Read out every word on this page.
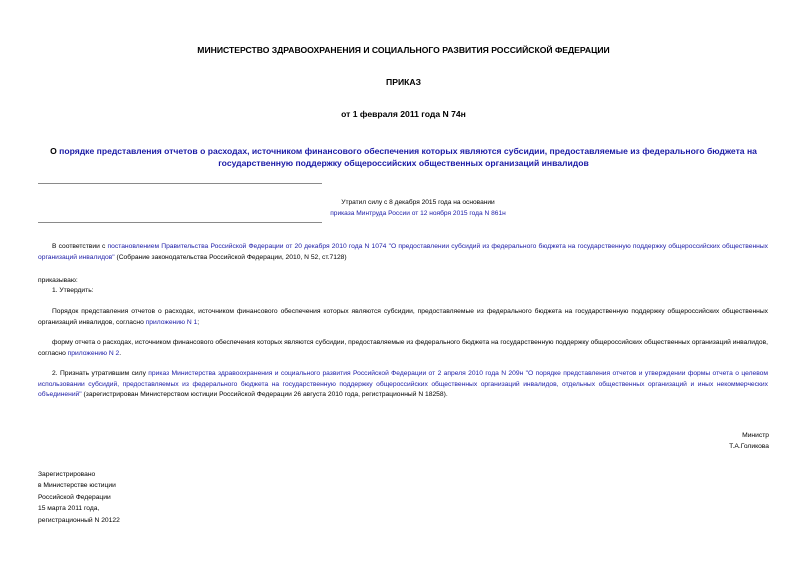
МИНИСТЕРСТВО ЗДРАВООХРАНЕНИЯ И СОЦИАЛЬНОГО РАЗВИТИЯ РОССИЙСКОЙ ФЕДЕРАЦИИ
ПРИКАЗ
от 1 февраля 2011 года N 74н
О порядке представления отчетов о расходах, источником финансового обеспечения которых являются субсидии, предоставляемые из федерального бюджета на государственную поддержку общероссийских общественных организаций инвалидов
Утратил силу с 8 декабря 2015 года на основании
приказа Минтруда России от 12 ноября 2015 года N 861н
В соответствии с постановлением Правительства Российской Федерации от 20 декабря 2010 года N 1074 "О предоставлении субсидий из федерального бюджета на государственную поддержку общероссийских общественных организаций инвалидов" (Собрание законодательства Российской Федерации, 2010, N 52, ст.7128)
приказываю:
1. Утвердить:
Порядок представления отчетов о расходах, источником финансового обеспечения которых являются субсидии, предоставляемые из федерального бюджета на государственную поддержку общероссийских общественных организаций инвалидов, согласно приложению N 1;
форму отчета о расходах, источником финансового обеспечения которых являются субсидии, предоставляемые из федерального бюджета на государственную поддержку общероссийских общественных организаций инвалидов, согласно приложению N 2.
2. Признать утратившим силу приказ Министерства здравоохранения и социального развития Российской Федерации от 2 апреля 2010 года N 209н "О порядке представления отчетов и утверждении формы отчета о целевом использовании субсидий, предоставляемых из федерального бюджета на государственную поддержку общероссийских общественных организаций инвалидов, отдельных общественных организаций и иных некоммерческих объединений" (зарегистрирован Министерством юстиции Российской Федерации 26 августа 2010 года, регистрационный N 18258).
Министр
Т.А.Голикова
Зарегистрировано
в Министерстве юстиции
Российской Федерации
15 марта 2011 года,
регистрационный N 20122
